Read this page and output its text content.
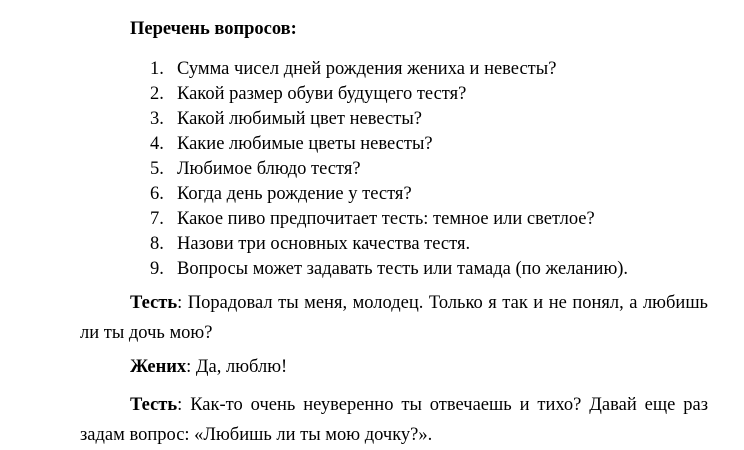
Перечень вопросов:
1. Сумма чисел дней рождения жениха и невесты?
2. Какой размер обуви будущего тестя?
3. Какой любимый цвет невесты?
4. Какие любимые цветы невесты?
5. Любимое блюдо тестя?
6. Когда день рождение у тестя?
7. Какое пиво предпочитает тесть: темное или светлое?
8. Назови три основных качества тестя.
9. Вопросы может задавать тесть или тамада (по желанию).
Тесть: Порадовал ты меня, молодец. Только я так и не понял, а любишь
ли ты дочь мою?
Жених: Да, люблю!
Тесть: Как-то очень неуверенно ты отвечаешь и тихо? Давай еще раз
задам вопрос: «Любишь ли ты мою дочку?».
